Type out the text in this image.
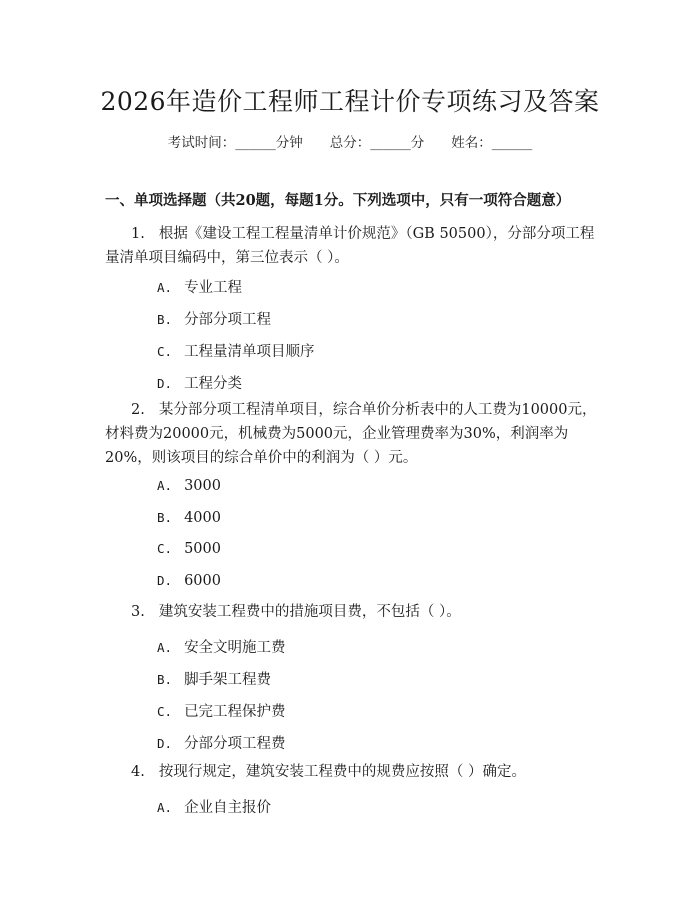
2026年造价工程师工程计价专项练习及答案
考试时间：______分钟　　总分：______分　　姓名：______
一、单项选择题（共20题，每题1分。下列选项中，只有一项符合题意）
1. 根据《建设工程工程量清单计价规范》（GB 50500），分部分项工程量清单项目编码中，第三位表示（ ）。
A. 专业工程
B. 分部分项工程
C. 工程量清单项目顺序
D. 工程分类
2. 某分部分项工程清单项目，综合单价分析表中的人工费为10000元，材料费为20000元，机械费为5000元，企业管理费率为30%，利润率为20%，则该项目的综合单价中的利润为（ ）元。
A. 3000
B. 4000
C. 5000
D. 6000
3. 建筑安装工程费中的措施项目费，不包括（ ）。
A. 安全文明施工费
B. 脚手架工程费
C. 已完工程保护费
D. 分部分项工程费
4. 按现行规定，建筑安装工程费中的规费应按照（ ）确定。
A. 企业自主报价
